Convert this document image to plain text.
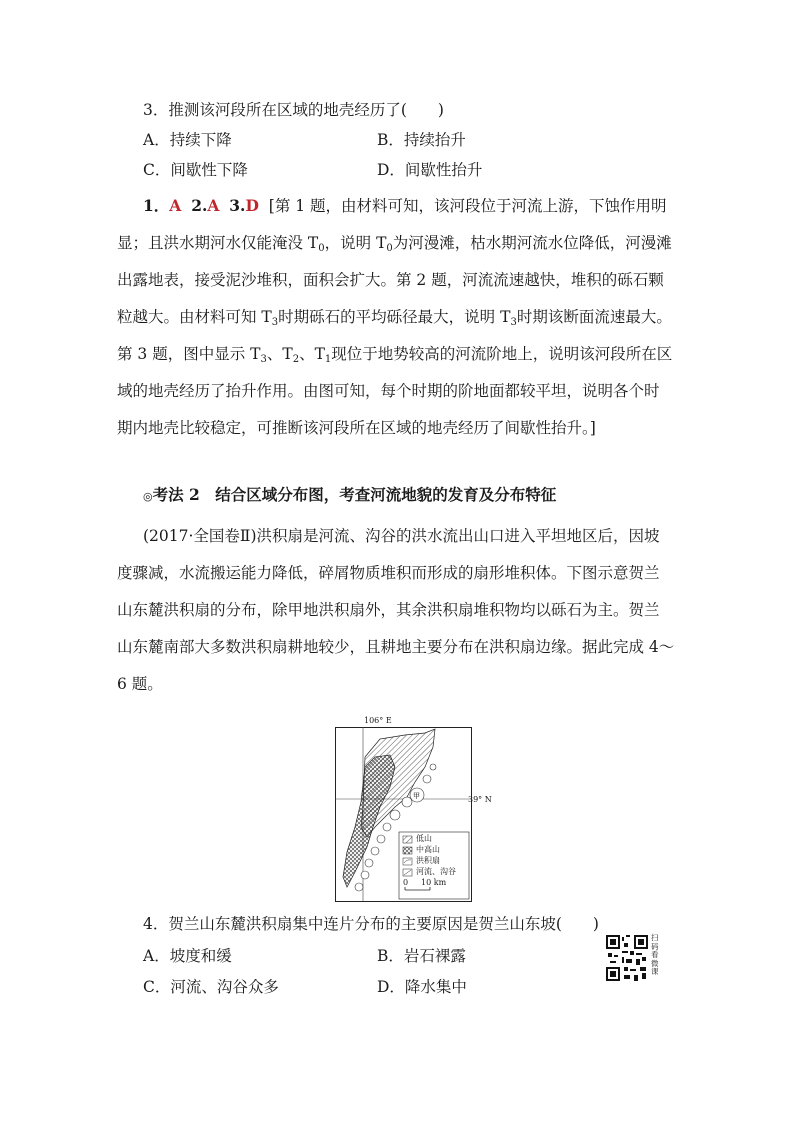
3．推测该河段所在区域的地壳经历了(　　)
A．持续下降	B．持续抬升
C．间歇性下降	D．间歇性抬升
1．A 2.A 3.D [第 1 题，由材料可知，该河段位于河流上游，下蚀作用明
显；且洪水期河水仅能淹没 $T_0$，说明 $T_0$为河漫滩，枯水期河流水位降低，河漫滩
出露地表，接受泥沙堆积，面积会扩大。第 2 题，河流流速越快，堆积的砾石颗
粒越大。由材料可知 $T_3$时期砾石的平均砾径最大，说明 $T_3$时期该断面流速最大。
第 3 题，图中显示 $T_3$、$T_2$、$T_1$现位于地势较高的河流阶地上，说明该河段所在区
域的地壳经历了抬升作用。由图可知，每个时期的阶地面都较平坦，说明各个时
期内地壳比较稳定，可推断该河段所在区域的地壳经历了间歇性抬升。]
◎考法 2　结合区域分布图，考查河流地貌的发育及分布特征
(2017·全国卷Ⅱ)洪积扇是河流、沟谷的洪水流出山口进入平坦地区后，因坡
度骤减，水流搬运能力降低，碎屑物质堆积而形成的扇形堆积体。下图示意贺兰
山东麓洪积扇的分布，除甲地洪积扇外，其余洪积扇堆积物均以砾石为主。贺兰
山东麓南部大多数洪积扇耕地较少，且耕地主要分布在洪积扇边缘。据此完成 4～
6 题。
106° E
39° N
甲
低山
中高山
洪积扇
河流、沟谷
0 10 km
4．贺兰山东麓洪积扇集中连片分布的主要原因是贺兰山东坡(　　)
A．坡度和缓	B．岩石裸露
C．河流、沟谷众多	D．降水集中
扫码看微课
